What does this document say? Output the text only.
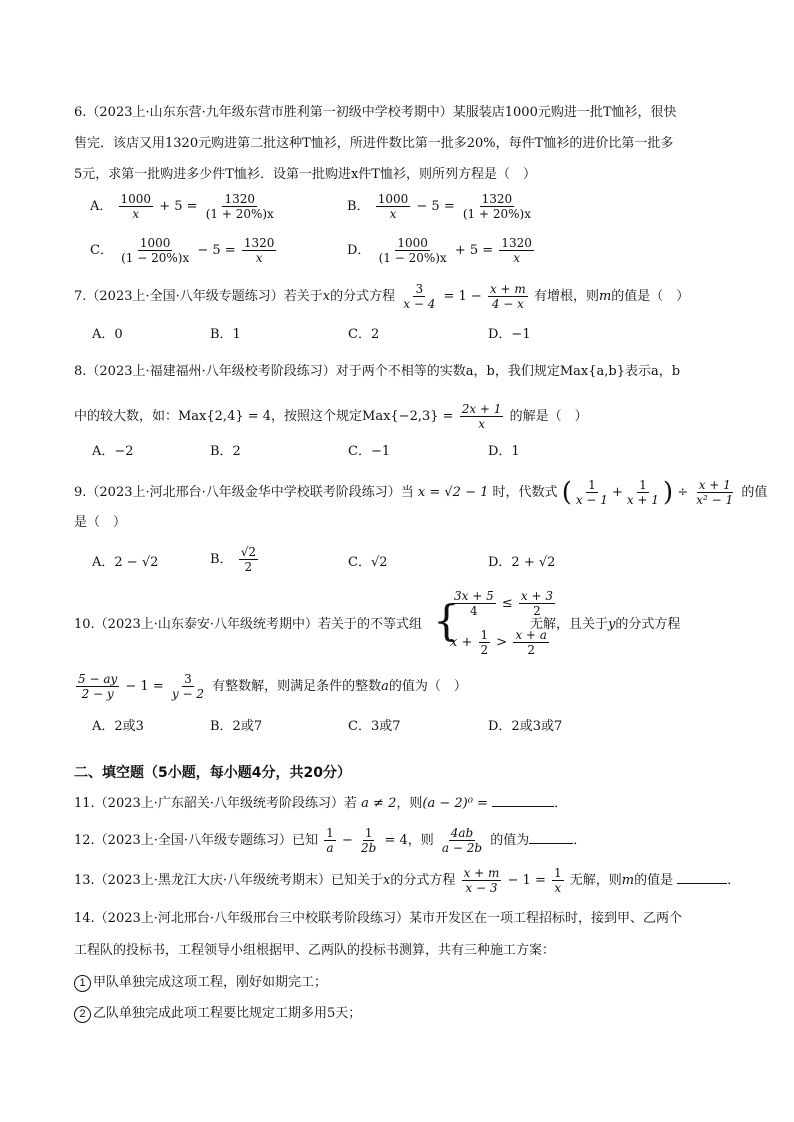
6.（2023上·山东东营·九年级东营市胜利第一初级中学校考期中）某服装店1000元购进一批T恤衫，很快
售完．该店又用1320元购进第二批这种T恤衫，所进件数比第一批多20%，每件T恤衫的进价比第一批多
5元，求第一批购进多少件T恤衫．设第一批购进x件T恤衫，则所列方程是（　）
A． $\frac{1000}{x} + 5 = \frac{1320}{(1 + 20\%)x}$	B． $\frac{1000}{x} - 5 = \frac{1320}{(1 + 20\%)x}$
C． $\frac{1000}{(1 - 20\%)x} - 5 = \frac{1320}{x}$	D． $\frac{1000}{(1 - 20\%)x} + 5 = \frac{1320}{x}$
7.（2023上·全国·八年级专题练习）若关于x的分式方程 $\frac{3}{x - 4} = 1 - \frac{x + m}{4 - x}$ 有增根，则m的值是（　）
A．0	B．1	C．2	D．−1
8.（2023上·福建福州·八年级校考阶段练习）对于两个不相等的实数a，b，我们规定Max{a,b}表示a，b
中的较大数，如：Max{2,4} = 4，按照这个规定$Max\{-2,3\} = \frac{2x + 1}{x}$ 的解是（　）
A．−2	B．2	C．−1	D．1
9.（2023上·河北邢台·八年级金华中学校联考阶段练习）当 x = √2 − 1 时，代数式 ( $\frac{1}{x - 1} + \frac{1}{x + 1}$ ) ÷ $\frac{x + 1}{\text{x² − 1}}$ 的值
是（　）
A．2 − √2	B． $\frac{√2}{2}$	C．√2	D．2 + √2
10.（2023上·山东泰安·八年级统考期中）若关于的不等式组 {
$\frac{3x + 5}{4} \le \frac{x + 3}{2}$
$x + \frac{1}{2} > \frac{x + a}{2}$
无解，且关于y的分式方程
$\frac{5 - ay}{2 - y} - 1 = \frac{3}{y - 2}$ 有整数解，则满足条件的整数a的值为（　）
A．2或3	B．2或7	C．3或7	D．2或3或7
二、填空题（5小题，每小题4分，共20分）
11.（2023上·广东韶关·八年级统考阶段练习）若 a ≠ 2，则(a − 2)⁰ =	．
12.（2023上·全国·八年级专题练习）已知 $\frac{1}{a} - \frac{1}{2b} = 4$，则 $\frac{4ab}{a - 2b}$ 的值为	．
13.（2023上·黑龙江大庆·八年级统考期末）已知关于x的分式方程 $\frac{x + m}{x - 3} - 1 = \frac{1}{x}$ 无解，则m的值是	．
14.（2023上·河北邢台·八年级邢台三中校联考阶段练习）某市开发区在一项工程招标时，接到甲、乙两个
工程队的投标书，工程领导小组根据甲、乙两队的投标书测算，共有三种施工方案：
1 甲队单独完成这项工程，刚好如期完工；
2 乙队单独完成此项工程要比规定工期多用5天；
